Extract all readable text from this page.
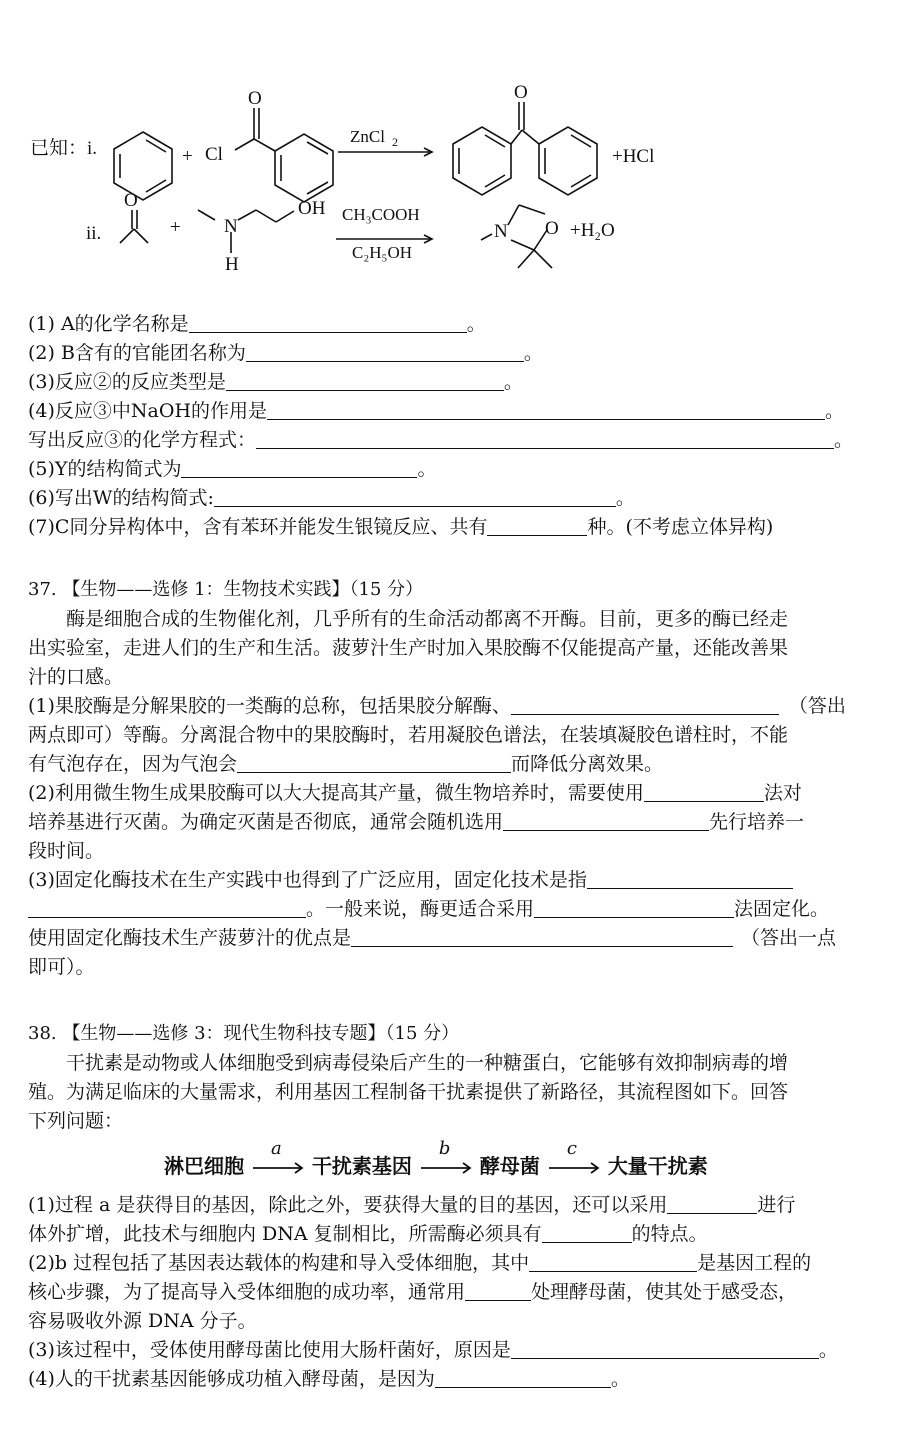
已知：i.	+ Cl
O
ZnCl 2
O
+HCl
O
+ N
H
OH CH₃COOH
C₂H₅OH
N O +H₂O
ii.
(1) A的化学名称是	。
(2) B含有的官能团名称为	。
(3)反应②的反应类型是	。
(4)反应③中NaOH的作用是	。
写出反应③的化学方程式：	。
(5)Y的结构简式为	。
(6)写出W的结构简式:	。
(7)C同分异构体中，含有苯环并能发生银镜反应、共有	种。(不考虑立体异构)
37. 【生物——选修 1：生物技术实践】（15 分）
酶是细胞合成的生物催化剂，几乎所有的生命活动都离不开酶。目前，更多的酶已经走
出实验室，走进人们的生产和生活。菠萝汁生产时加入果胶酶不仅能提高产量，还能改善果
汁的口感。
(1)果胶酶是分解果胶的一类酶的总称，包括果胶分解酶、	（答出
两点即可）等酶。分离混合物中的果胶酶时，若用凝胶色谱法，在装填凝胶色谱柱时，不能
有气泡存在，因为气泡会	而降低分离效果。
(2)利用微生物生成果胶酶可以大大提高其产量，微生物培养时，需要使用	法对
培养基进行灭菌。为确定灭菌是否彻底，通常会随机选用	先行培养一
段时间。
(3)固定化酶技术在生产实践中也得到了广泛应用，固定化技术是指
。一般来说，酶更适合采用	法固定化。
使用固定化酶技术生产菠萝汁的优点是	（答出一点
即可）。
38. 【生物——选修 3：现代生物科技专题】（15 分）
干扰素是动物或人体细胞受到病毒侵染后产生的一种糖蛋白，它能够有效抑制病毒的增
殖。为满足临床的大量需求，利用基因工程制备干扰素提供了新路径，其流程图如下。回答
下列问题：
淋巴细胞
a
干扰素基因
b
酵母菌
c
大量干扰素
(1)过程 a 是获得目的基因，除此之外，要获得大量的目的基因，还可以采用	进行
体外扩增，此技术与细胞内 DNA 复制相比，所需酶必须具有	的特点。
(2)b 过程包括了基因表达载体的构建和导入受体细胞，其中	是基因工程的
核心步骤，为了提高导入受体细胞的成功率，通常用	处理酵母菌，使其处于感受态，
容易吸收外源 DNA 分子。
(3)该过程中，受体使用酵母菌比使用大肠杆菌好，原因是	。
(4)人的干扰素基因能够成功植入酵母菌，是因为	。
